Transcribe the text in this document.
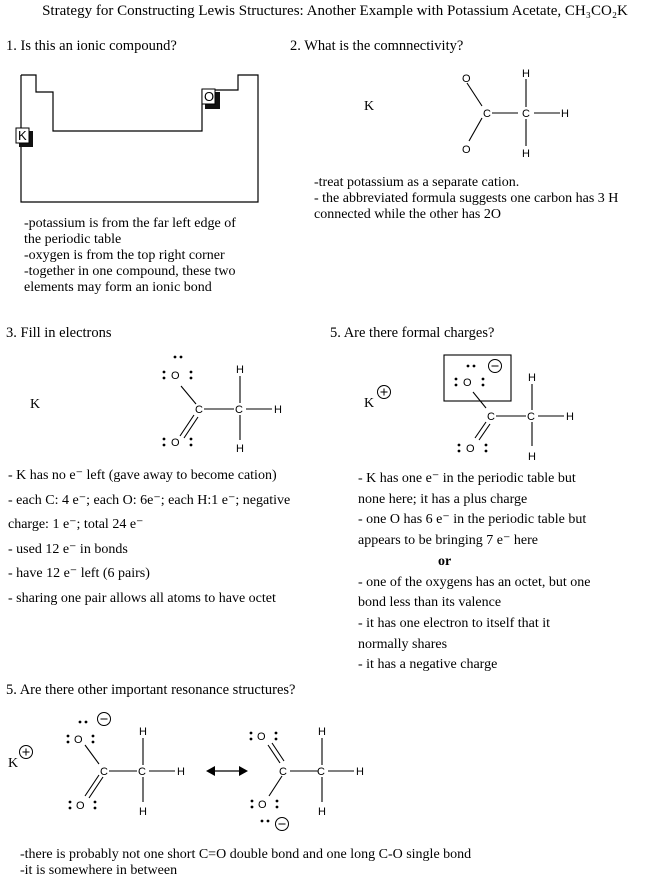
Strategy for Constructing Lewis Structures: Another Example with Potassium Acetate, CH₃CO₂K
1. Is this an ionic compound?
K
O
-potassium is from the far left edge of
the periodic table
-oxygen is from the top right corner
-together in one compound, these two
elements may form an ionic bond
2. What is the comnnectivity?
K
O
O
C	C
H
H
H
-treat potassium as a separate cation.
- the abbreviated formula suggests one carbon has 3 H
connected while the other has 2O
3. Fill in electrons
K
O
O
C	C
H
H
H
- K has no e⁻ left (gave away to become cation)
- each C: 4 e⁻; each O: 6e⁻; each H:1 e⁻; negative
charge: 1 e⁻; total 24 e⁻
- used 12 e⁻ in bonds
- have 12 e⁻ left (6 pairs)
- sharing one pair allows all atoms to have octet
5. Are there formal charges?
K
O
O
C	C
H
H
H
- K has one e⁻ in the periodic table but
none here; it has a plus charge
- one O has 6 e⁻ in the periodic table but
appears to be bringing 7 e⁻ here
or
- one of the oxygens has an octet, but one
bond less than its valence
- it has one electron to itself that it
normally shares
- it has a negative charge
5. Are there other important resonance structures?
K
O
O
C	C
H
H
H
O
O
C	C
H
H
H
-there is probably not one short C=O double bond and one long C-O single bond
-it is somewhere in between
